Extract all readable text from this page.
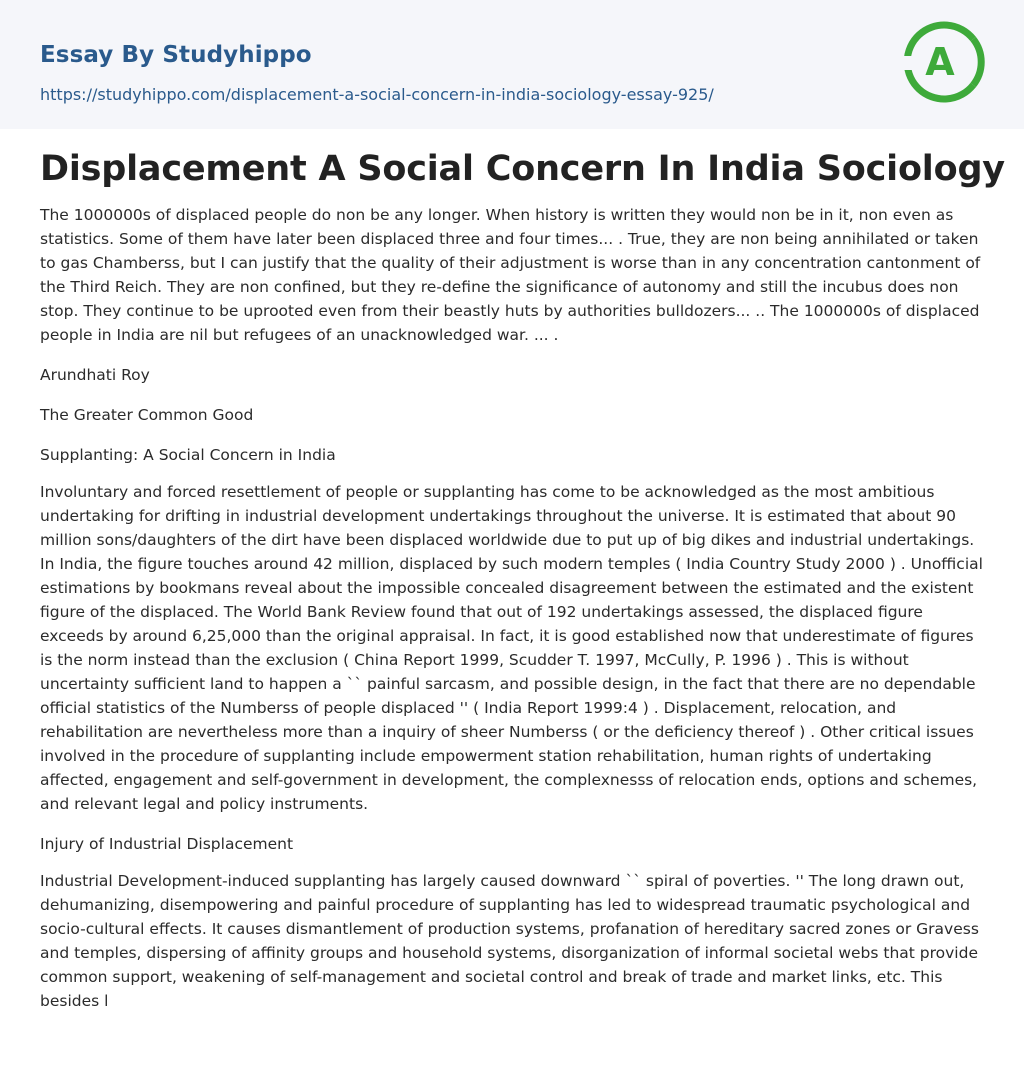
Essay By Studyhippo
https://studyhippo.com/displacement-a-social-concern-in-india-sociology-essay-925/
A
Displacement A Social Concern In India Sociology

The 1000000s of displaced people do non be any longer. When history is written they would non be in it, non even as statistics. Some of them have later been displaced three and four times... . True, they are non being annihilated or taken to gas Chamberss, but I can justify that the quality of their adjustment is worse than in any concentration cantonment of the Third Reich. They are non confined, but they re-define the significance of autonomy and still the incubus does non stop. They continue to be uprooted even from their beastly huts by authorities bulldozers... .. The 1000000s of displaced people in India are nil but refugees of an unacknowledged war. ... .

Arundhati Roy

The Greater Common Good

Supplanting: A Social Concern in India

Involuntary and forced resettlement of people or supplanting has come to be acknowledged as the most ambitious undertaking for drifting in industrial development undertakings throughout the universe. It is estimated that about 90 million sons/daughters of the dirt have been displaced worldwide due to put up of big dikes and industrial undertakings. In India, the figure touches around 42 million, displaced by such modern temples ( India Country Study 2000 ) . Unofficial estimations by bookmans reveal about the impossible concealed disagreement between the estimated and the existent figure of the displaced. The World Bank Review found that out of 192 undertakings assessed, the displaced figure exceeds by around 6,25,000 than the original appraisal. In fact, it is good established now that underestimate of figures is the norm instead than the exclusion ( China Report 1999, Scudder T. 1997, McCully, P. 1996 ) . This is without uncertainty sufficient land to happen a `` painful sarcasm, and possible design, in the fact that there are no dependable official statistics of the Numberss of people displaced '' ( India Report 1999:4 ) . Displacement, relocation, and rehabilitation are nevertheless more than a inquiry of sheer Numberss ( or the deficiency thereof ) . Other critical issues involved in the procedure of supplanting include empowerment station rehabilitation, human rights of undertaking affected, engagement and self-government in development, the complexnesss of relocation ends, options and schemes, and relevant legal and policy instruments.

Injury of Industrial Displacement

Industrial Development-induced supplanting has largely caused downward `` spiral of poverties. '' The long drawn out, dehumanizing, disempowering and painful procedure of supplanting has led to widespread traumatic psychological and socio-cultural effects. It causes dismantlement of production systems, profanation of hereditary sacred zones or Gravess and temples, dispersing of affinity groups and household systems, disorganization of informal societal webs that provide common support, weakening of self-management and societal control and break of trade and market links, etc. This besides l
